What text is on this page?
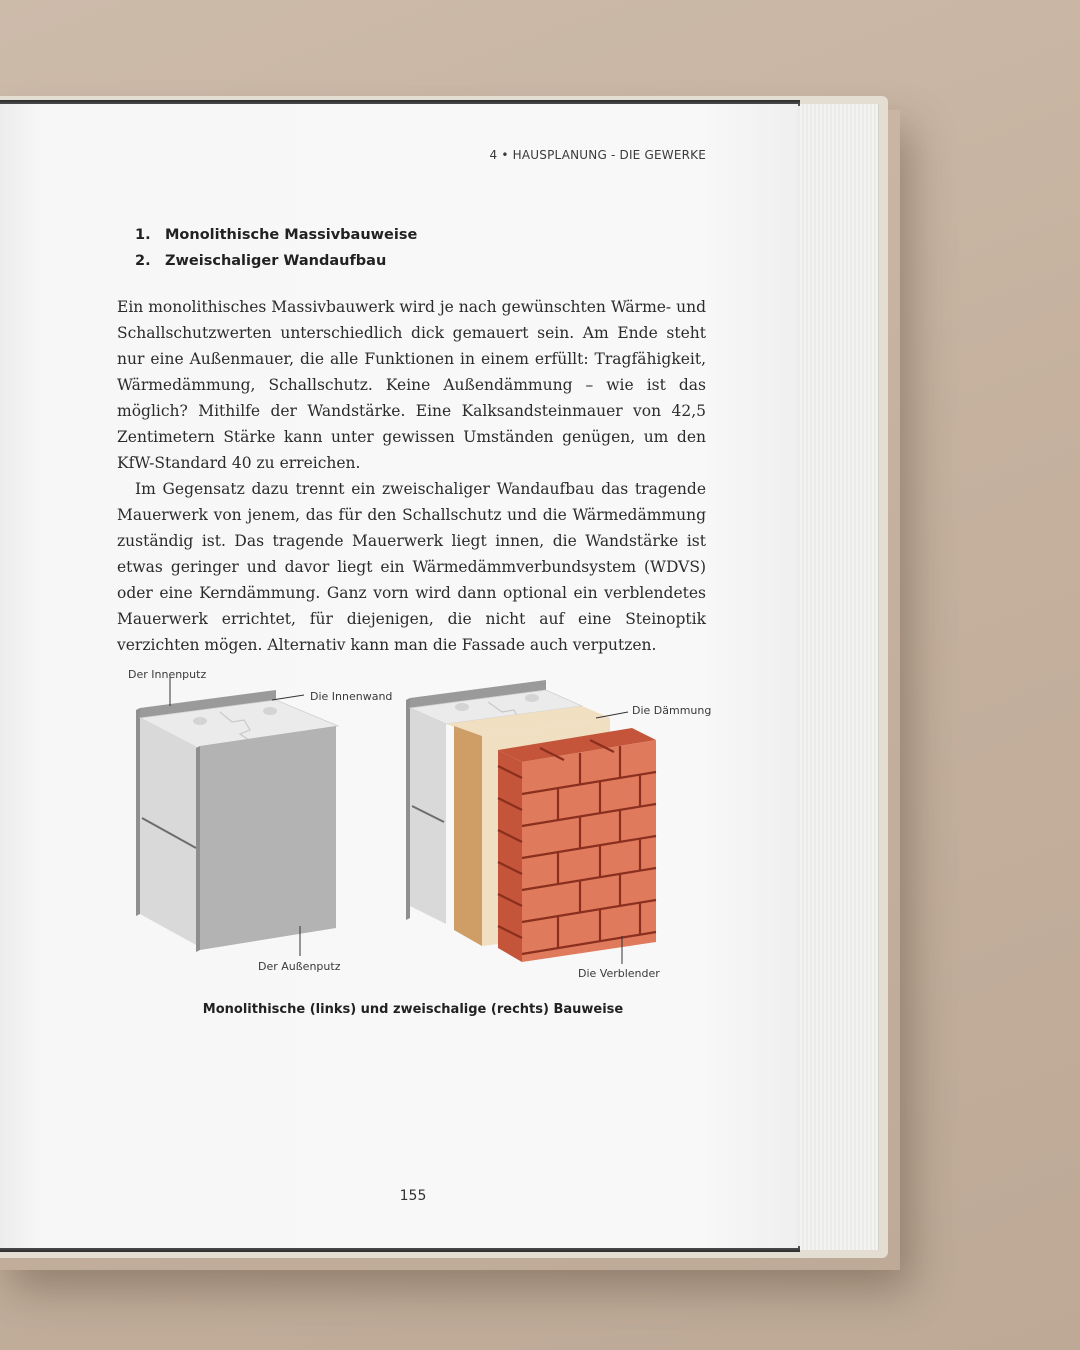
4 • HAUSPLANUNG - DIE GEWERKE
1. Monolithische Massivbauweise
2. Zweischaliger Wandaufbau

Ein monolithisches Massivbauwerk wird je nach gewünschten Wärme- und Schallschutzwerten unterschiedlich dick gemauert sein. Am Ende steht nur eine Außenmauer, die alle Funktionen in einem erfüllt: Tragfähigkeit, Wärmedämmung, Schallschutz. Keine Außendämmung – wie ist das möglich? Mithilfe der Wandstärke. Eine Kalksandsteinmauer von 42,5 Zentimetern Stärke kann unter gewissen Umständen genügen, um den KfW-Standard 40 zu erreichen.

Im Gegensatz dazu trennt ein zweischaliger Wandaufbau das tragende Mauerwerk von jenem, das für den Schallschutz und die Wärmedämmung zuständig ist. Das tragende Mauerwerk liegt innen, die Wandstärke ist etwas geringer und davor liegt ein Wärmedämmverbundsystem (WDVS) oder eine Kerndämmung. Ganz vorn wird dann optional ein verblendetes Mauerwerk errichtet, für diejenigen, die nicht auf eine Steinoptik verzichten mögen. Alternativ kann man die Fassade auch verputzen.

Der Innenputz
Die Innenwand
Der Außenputz
Die Dämmung
Die Verblender
Monolithische (links) und zweischalige (rechts) Bauweise
155
